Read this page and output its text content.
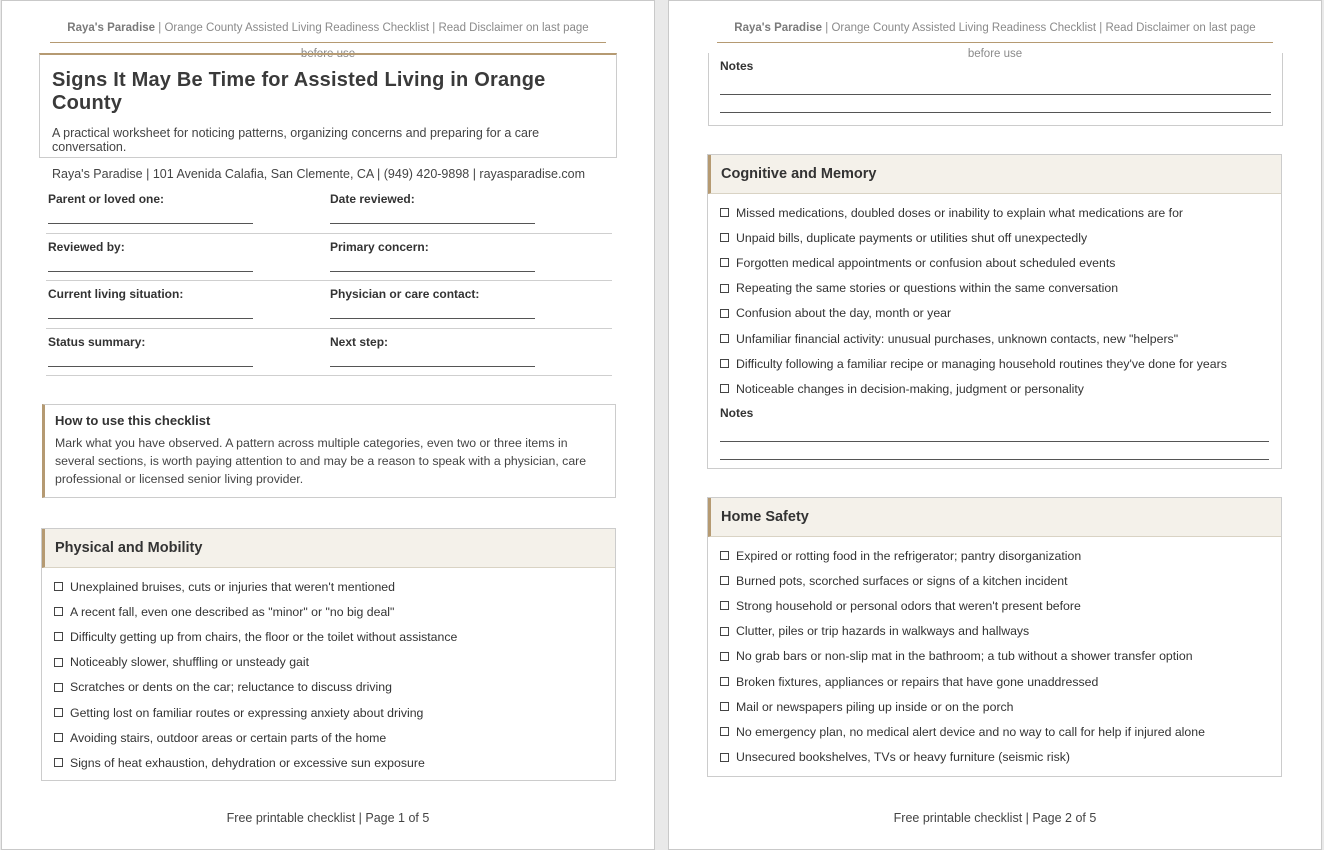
Raya's Paradise | Orange County Assisted Living Readiness Checklist | Read Disclaimer on last page before use
Signs It May Be Time for Assisted Living in Orange County
A practical worksheet for noticing patterns, organizing concerns and preparing for a care conversation.
Raya's Paradise | 101 Avenida Calafia, San Clemente, CA | (949) 420-9898 | rayasparadise.com
Parent or loved one:	Date reviewed:
Reviewed by:	Primary concern:
Current living situation:	Physician or care contact:
Status summary:	Next step:
How to use this checklist

Mark what you have observed. A pattern across multiple categories, even two or three items in several sections, is worth paying attention to and may be a reason to speak with a physician, care professional or licensed senior living provider.

Physical and Mobility
Unexplained bruises, cuts or injuries that weren't mentioned
A recent fall, even one described as "minor" or "no big deal"
Difficulty getting up from chairs, the floor or the toilet without assistance
Noticeably slower, shuffling or unsteady gait
Scratches or dents on the car; reluctance to discuss driving
Getting lost on familiar routes or expressing anxiety about driving
Avoiding stairs, outdoor areas or certain parts of the home
Signs of heat exhaustion, dehydration or excessive sun exposure
Free printable checklist | Page 1 of 5
Raya's Paradise | Orange County Assisted Living Readiness Checklist | Read Disclaimer on last page before use
Notes
Cognitive and Memory
Missed medications, doubled doses or inability to explain what medications are for
Unpaid bills, duplicate payments or utilities shut off unexpectedly
Forgotten medical appointments or confusion about scheduled events
Repeating the same stories or questions within the same conversation
Confusion about the day, month or year
Unfamiliar financial activity: unusual purchases, unknown contacts, new "helpers"
Difficulty following a familiar recipe or managing household routines they've done for years
Noticeable changes in decision-making, judgment or personality
Notes
Home Safety
Expired or rotting food in the refrigerator; pantry disorganization
Burned pots, scorched surfaces or signs of a kitchen incident
Strong household or personal odors that weren't present before
Clutter, piles or trip hazards in walkways and hallways
No grab bars or non-slip mat in the bathroom; a tub without a shower transfer option
Broken fixtures, appliances or repairs that have gone unaddressed
Mail or newspapers piling up inside or on the porch
No emergency plan, no medical alert device and no way to call for help if injured alone
Unsecured bookshelves, TVs or heavy furniture (seismic risk)
Free printable checklist | Page 2 of 5
